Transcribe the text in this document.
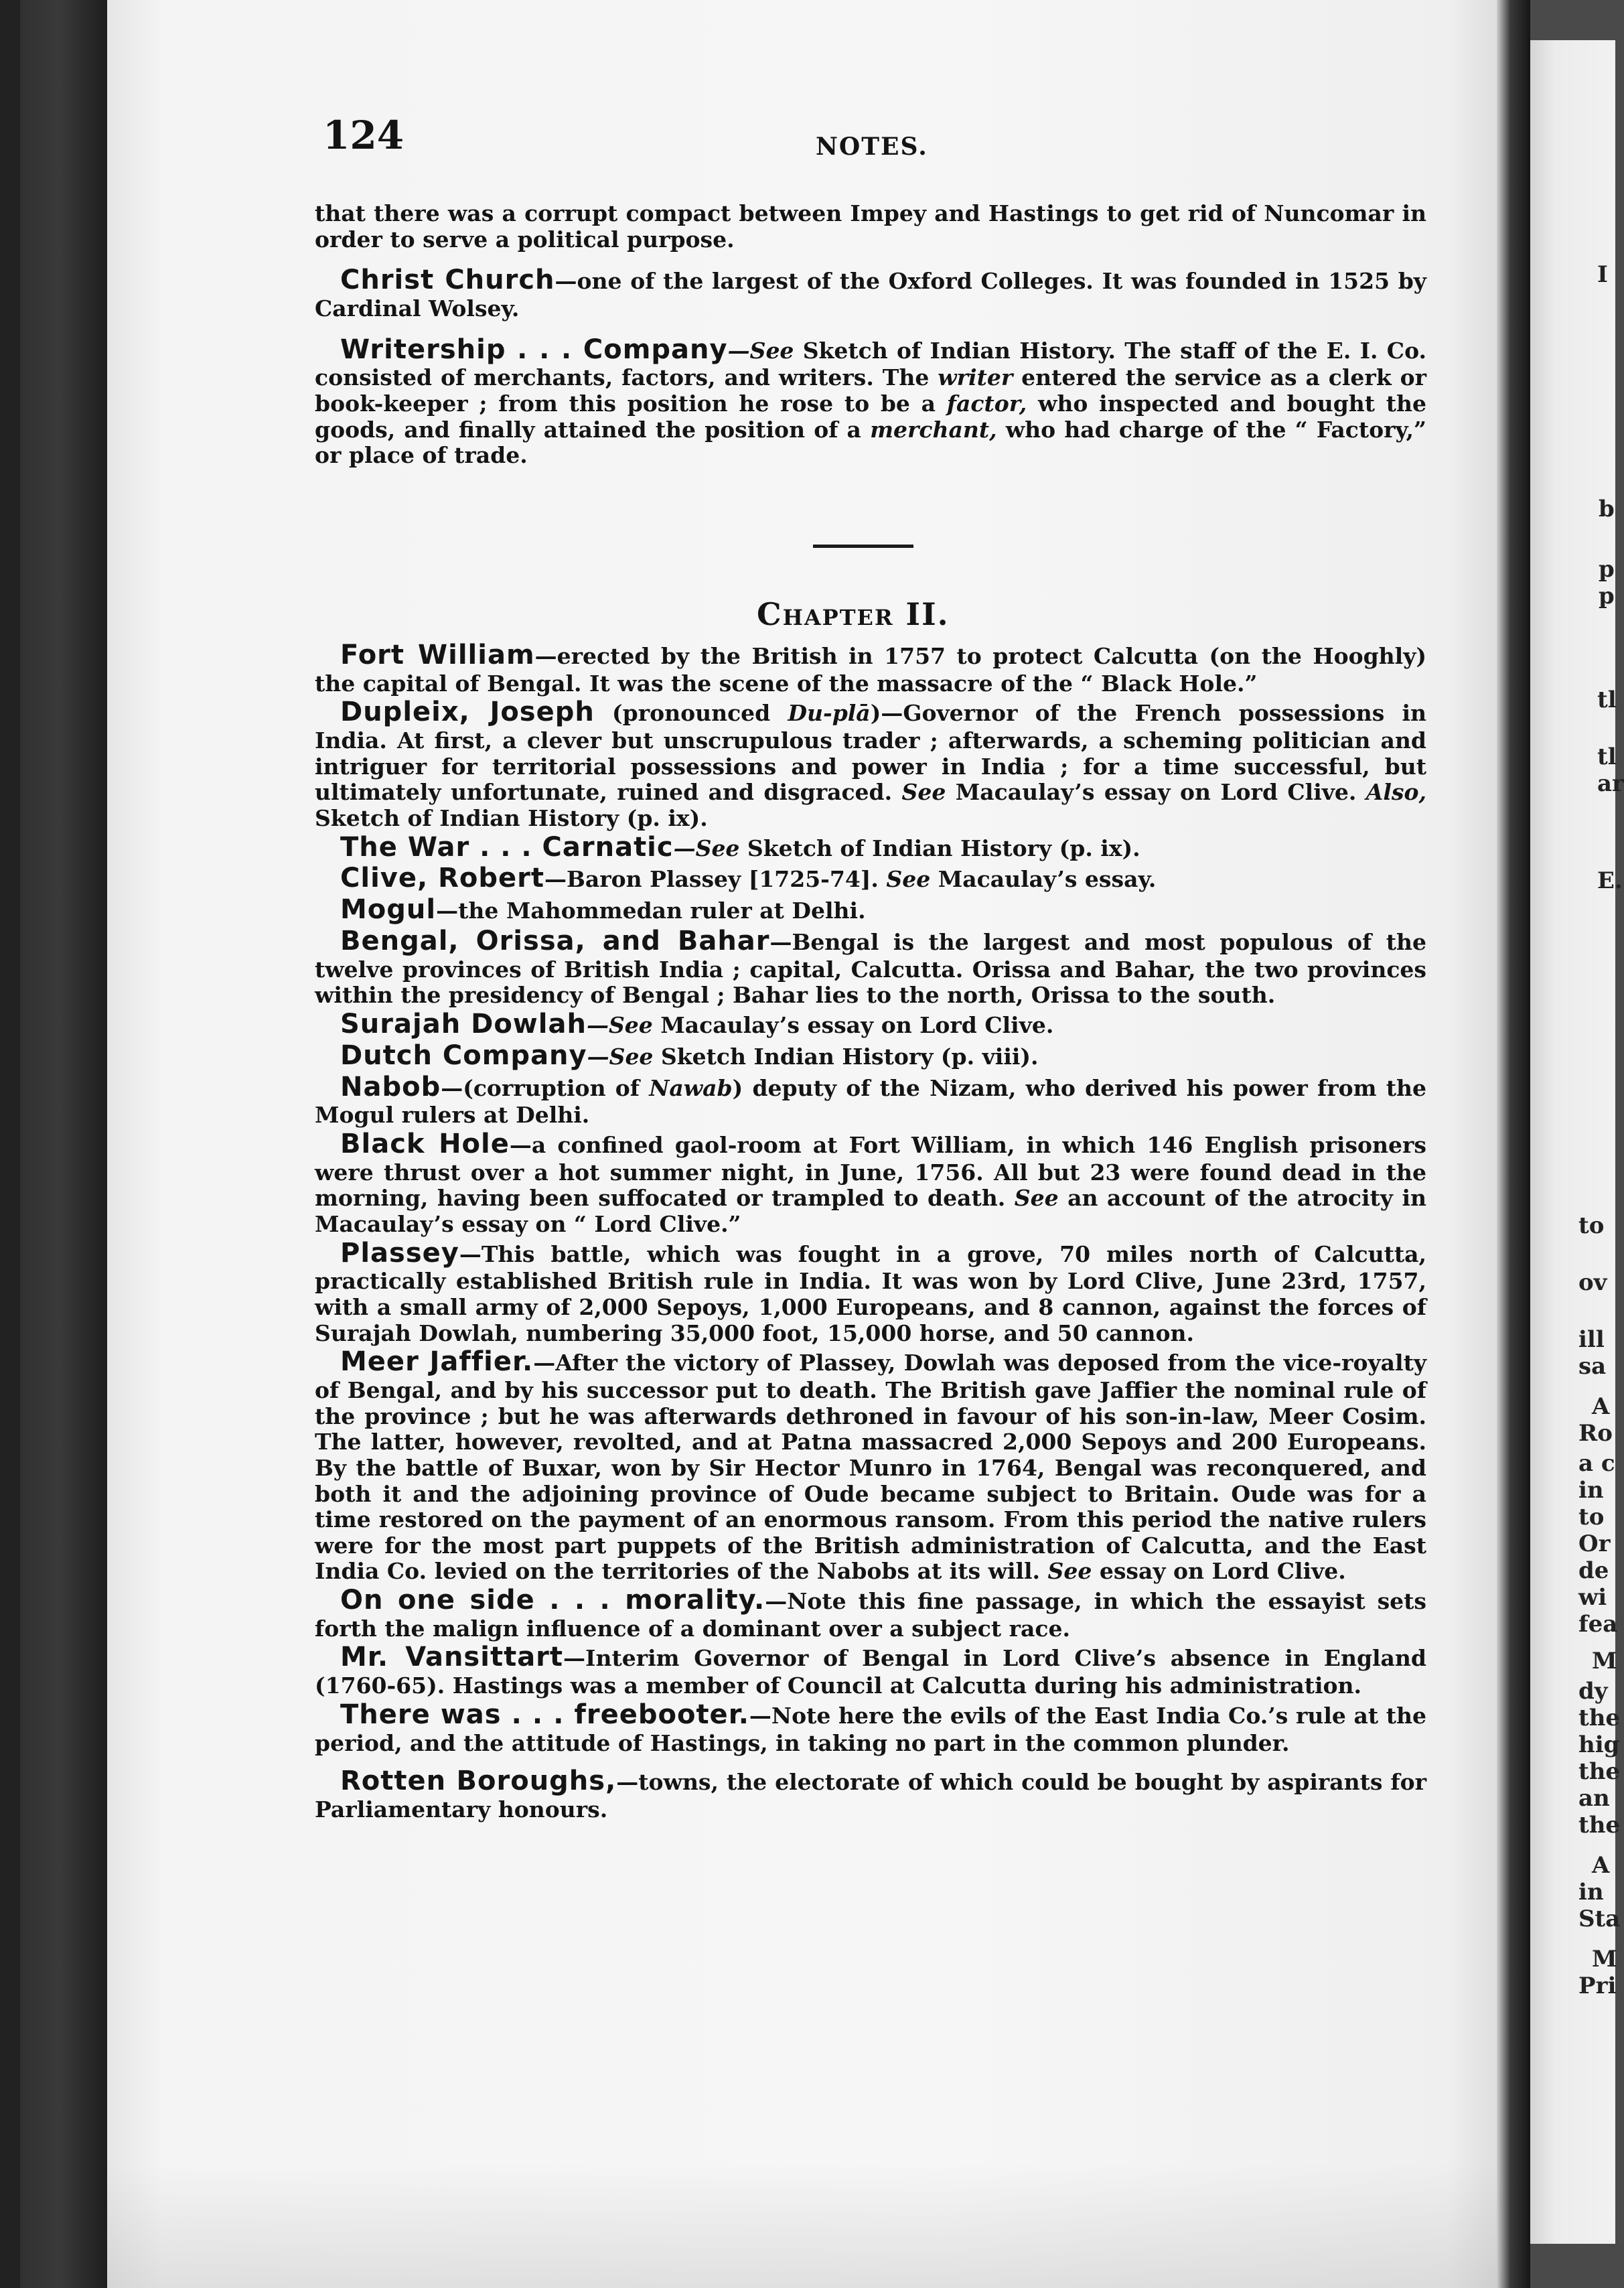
I
b
p
p
tl
tl
ar
E.
to
ov
ill
sa
A
Ro
a c
in
to
Or
de
wi
fea
M
dy
the
hig
the
an
the
A
in
Sta
M
Pri
124	NOTES.

that there was a corrupt compact between Impey and Hastings to get rid of Nuncomar in order to serve a political purpose.

Christ Church—one of the largest of the Oxford Colleges. It was founded in 1525 by Cardinal Wolsey.

Writership . . . Company—See Sketch of Indian History. The staff of the E. I. Co. consisted of merchants, factors, and writers. The writer entered the service as a clerk or book-keeper ; from this position he rose to be a factor, who inspected and bought the goods, and finally attained the position of a merchant, who had charge of the “ Factory,” or place of trade.

Chapter II.

Fort William—erected by the British in 1757 to protect Calcutta (on the Hooghly) the capital of Bengal. It was the scene of the massacre of the “ Black Hole.”

Dupleix, Joseph (pronounced Du-plā)—Governor of the French possessions in India. At first, a clever but unscrupulous trader ; afterwards, a scheming politician and intriguer for territorial possessions and power in India ; for a time successful, but ultimately unfortunate, ruined and disgraced. See Macaulay’s essay on Lord Clive. Also, Sketch of Indian History (p. ix).

The War . . . Carnatic—See Sketch of Indian History (p. ix).

Clive, Robert—Baron Plassey [1725-74]. See Macaulay’s essay.

Mogul—the Mahommedan ruler at Delhi.

Bengal, Orissa, and Bahar—Bengal is the largest and most populous of the twelve provinces of British India ; capital, Calcutta. Orissa and Bahar, the two provinces within the presidency of Bengal ; Bahar lies to the north, Orissa to the south.

Surajah Dowlah—See Macaulay’s essay on Lord Clive.

Dutch Company—See Sketch Indian History (p. viii).

Nabob—(corruption of Nawab) deputy of the Nizam, who derived his power from the Mogul rulers at Delhi.

Black Hole—a confined gaol-room at Fort William, in which 146 English prisoners were thrust over a hot summer night, in June, 1756. All but 23 were found dead in the morning, having been suffocated or trampled to death. See an account of the atrocity in Macaulay’s essay on “ Lord Clive.”

Plassey—This battle, which was fought in a grove, 70 miles north of Calcutta, practically established British rule in India. It was won by Lord Clive, June 23rd, 1757, with a small army of 2,000 Sepoys, 1,000 Europeans, and 8 cannon, against the forces of Surajah Dowlah, numbering 35,000 foot, 15,000 horse, and 50 cannon.

Meer Jaffier.—After the victory of Plassey, Dowlah was deposed from the vice-royalty of Bengal, and by his successor put to death. The British gave Jaffier the nominal rule of the province ; but he was afterwards dethroned in favour of his son-in-law, Meer Cosim. The latter, however, revolted, and at Patna massacred 2,000 Sepoys and 200 Europeans. By the battle of Buxar, won by Sir Hector Munro in 1764, Bengal was reconquered, and both it and the adjoining province of Oude became subject to Britain. Oude was for a time restored on the payment of an enormous ransom. From this period the native rulers were for the most part puppets of the British administration of Calcutta, and the East India Co. levied on the territories of the Nabobs at its will. See essay on Lord Clive.

On one side . . . morality.—Note this fine passage, in which the essayist sets forth the malign influence of a dominant over a subject race.

Mr. Vansittart—Interim Governor of Bengal in Lord Clive’s absence in England (1760-65). Hastings was a member of Council at Calcutta during his administration.

There was . . . freebooter.—Note here the evils of the East India Co.’s rule at the period, and the attitude of Hastings, in taking no part in the common plunder.

Rotten Boroughs,—towns, the electorate of which could be bought by aspirants for Parliamentary honours.
